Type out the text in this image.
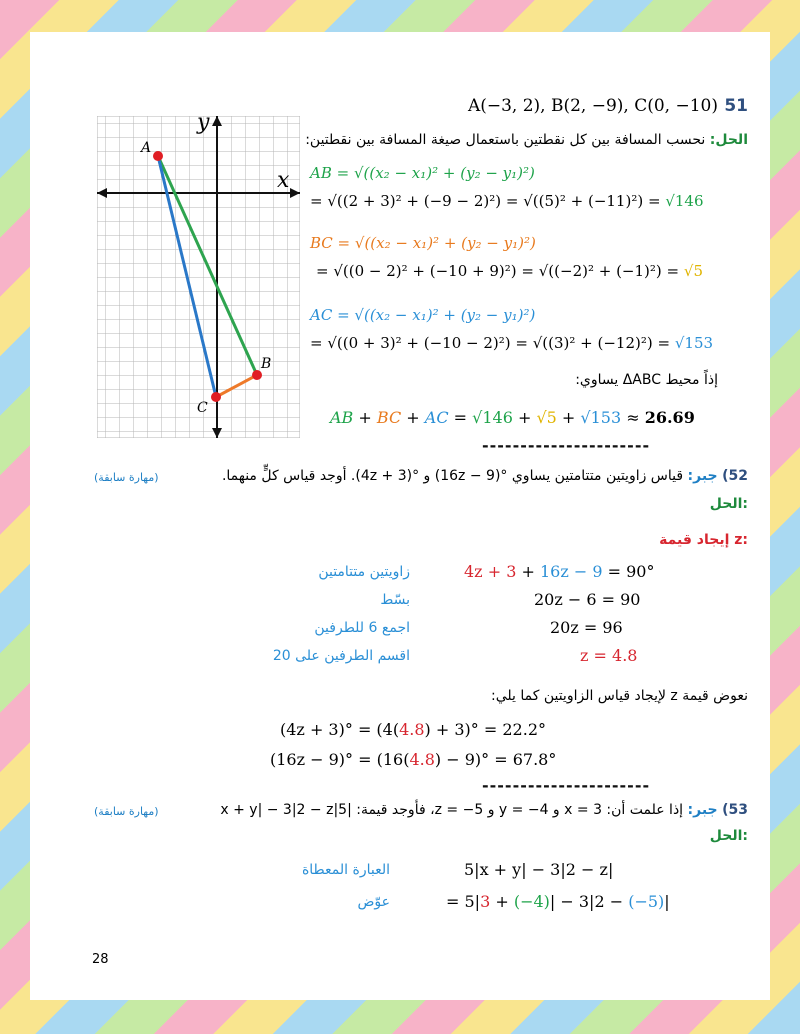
A(−3, 2), B(2, −9), C(0, −10) 51
x
y
A
B
C
الحل: نحسب المسافة بين كل نقطتين باستعمال صيغة المسافة بين نقطتين:
AB = √((x₂ − x₁)² + (y₂ − y₁)²)
= √((2 + 3)² + (−9 − 2)²) = √((5)² + (−11)²) = √146
BC = √((x₂ − x₁)² + (y₂ − y₁)²)
= √((0 − 2)² + (−10 + 9)²) = √((−2)² + (−1)²) = √5
AC = √((x₂ − x₁)² + (y₂ − y₁)²)
= √((0 + 3)² + (−10 − 2)²) = √((3)² + (−12)²) = √153
إذاً محيط ΔABC يساوي:
AB + BC + AC = √146 + √5 + √153 ≈ 26.69
----------------------
52) جبر: قياس زاويتين متتامتين يساوي °(16z − 9) و °(4z + 3). أوجد قياس كلٍّ منهما.
(مهارة سابقة)
الحل:
إيجاد قيمة z:
زاويتين متتامتين	4z + 3 + 16z − 9 = 90°
بسّط	20z − 6 = 90
اجمع 6 للطرفين	20z = 96
اقسم الطرفين على 20	z = 4.8
نعوض قيمة z لإيجاد قياس الزاويتين كما يلي:
(4z + 3)° = (4(4.8) + 3)° = 22.2°
(16z − 9)° = (16(4.8) − 9)° = 67.8°
----------------------
53) جبر: إذا علمت أن: x = 3 و y = −4 و z = −5، فأوجد قيمة: |5|x + y| − 3|2 − z
(مهارة سابقة)
الحل:
العبارة المعطاة	5|x + y| − 3|2 − z|
عوّض	= 5|3 + (−4)| − 3|2 − (−5)|
28
